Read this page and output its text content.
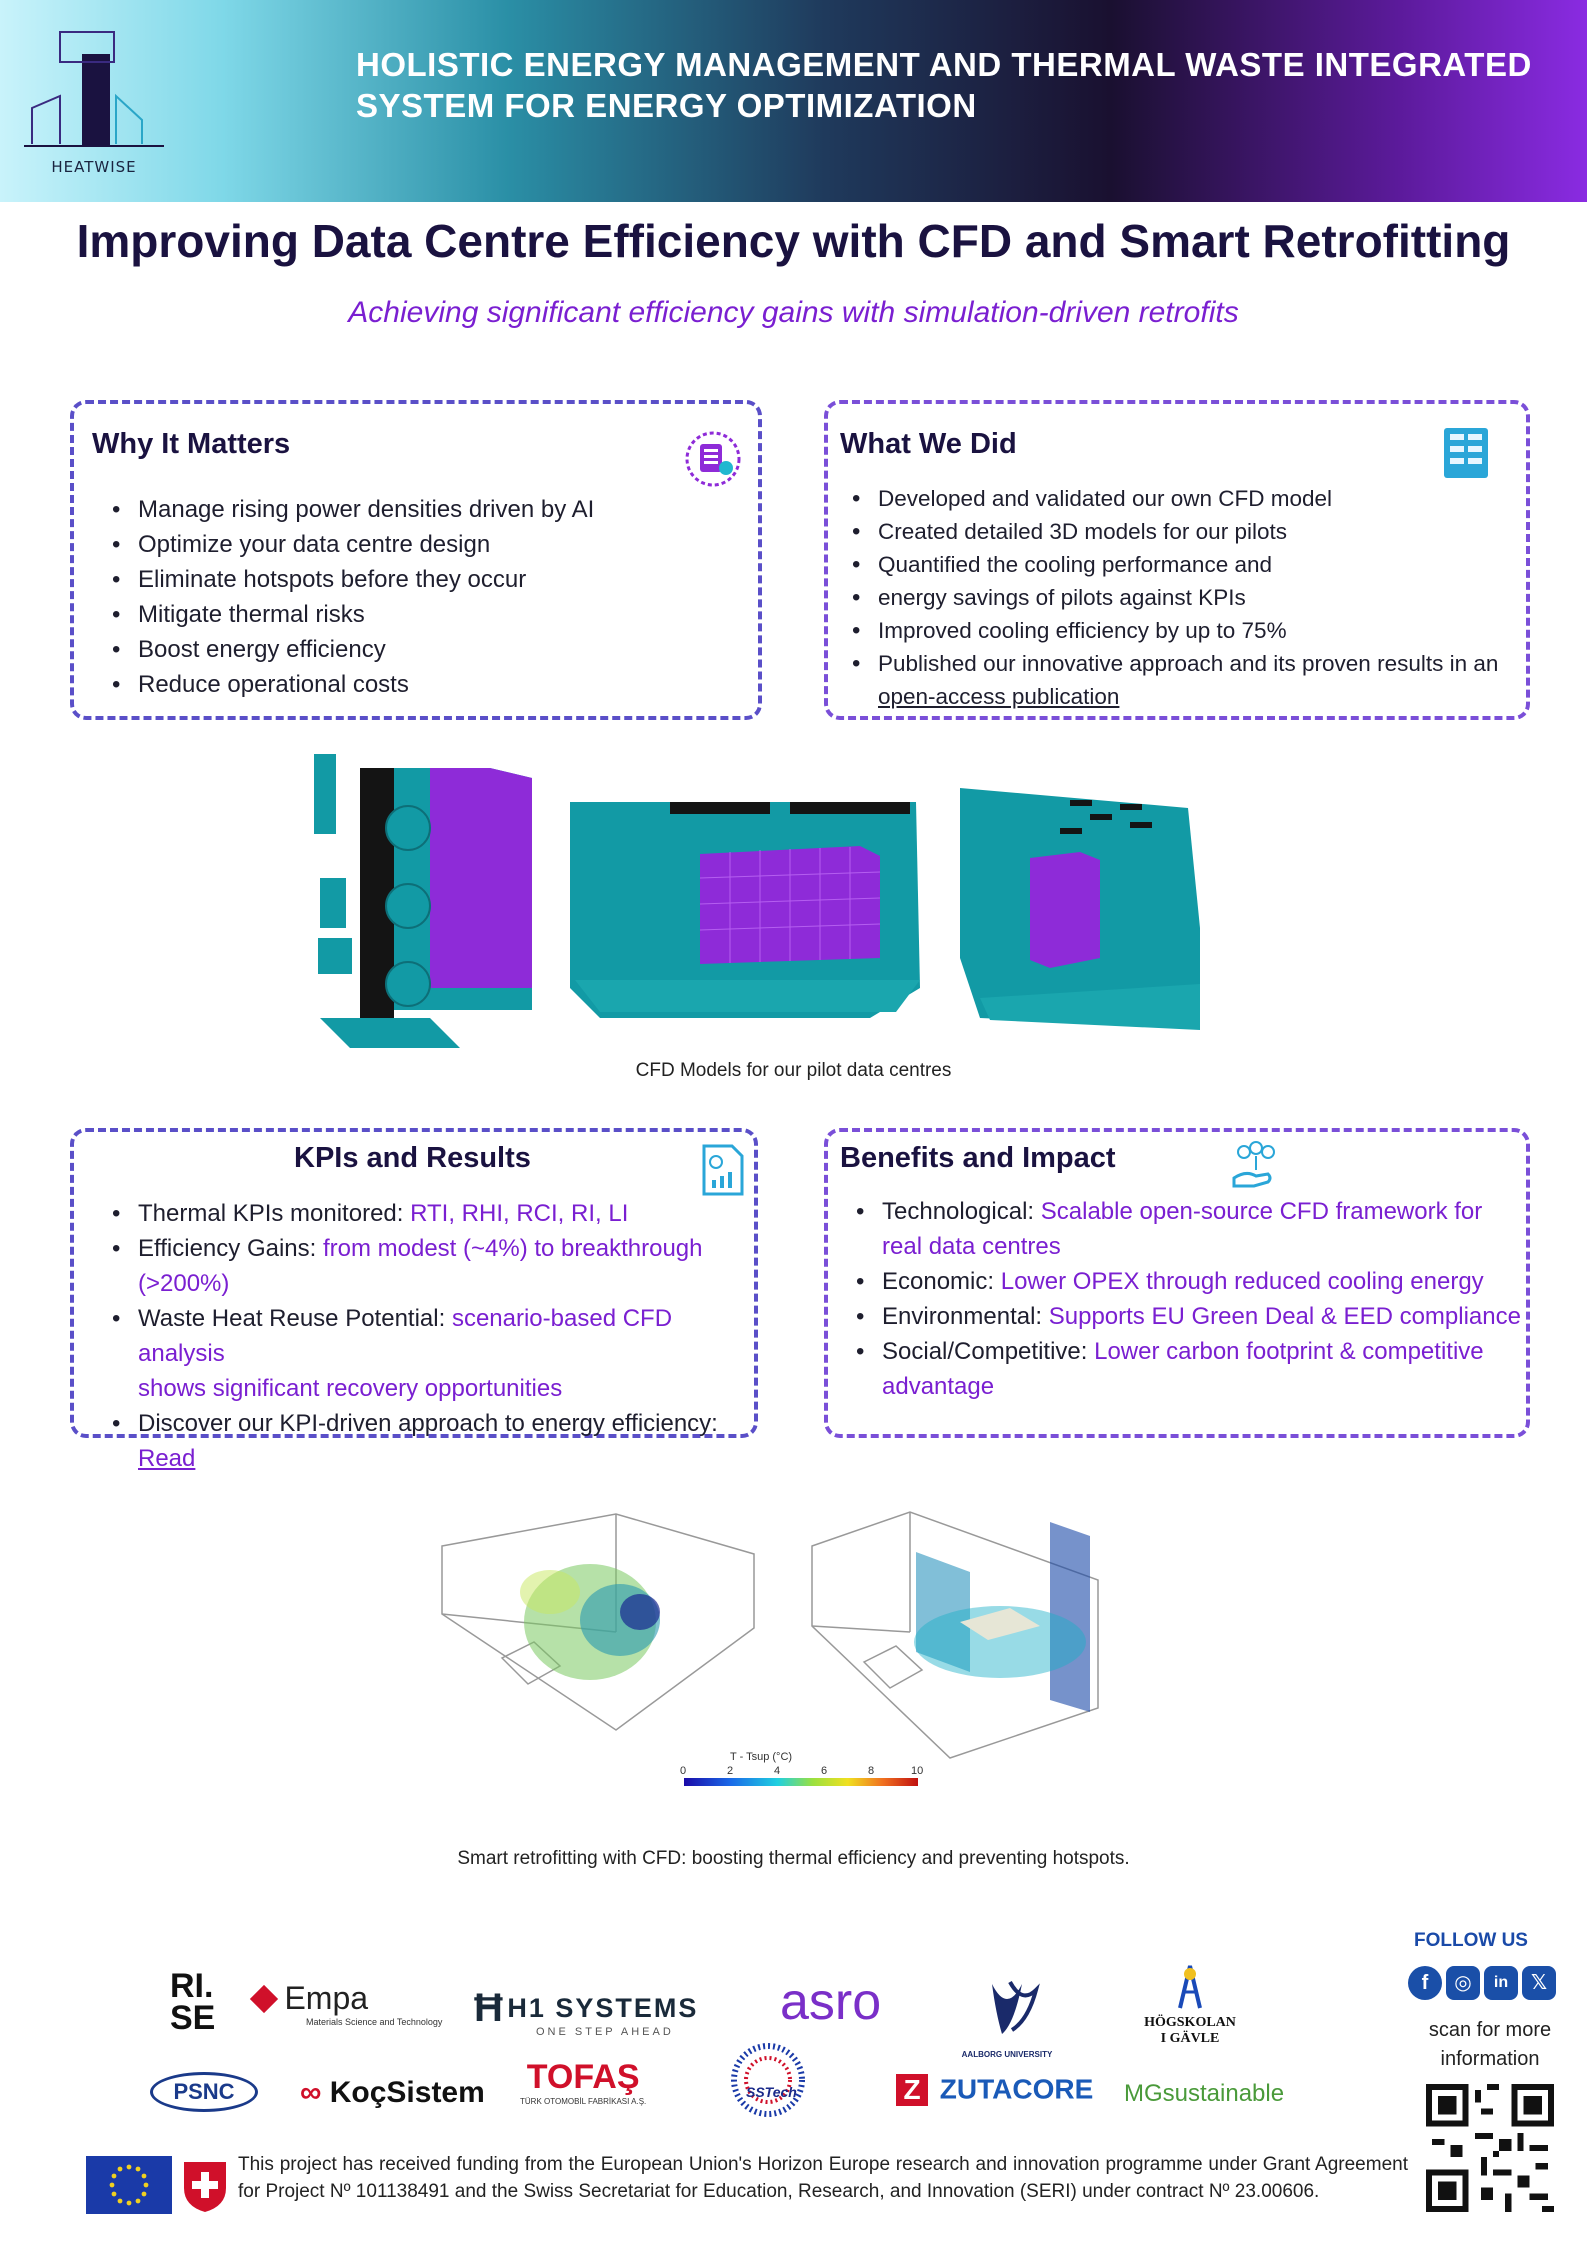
HEATWISE
HOLISTIC ENERGY MANAGEMENT AND THERMAL WASTE INTEGRATED
SYSTEM FOR ENERGY OPTIMIZATION
Improving Data Centre Efficiency with CFD and Smart Retrofitting
Achieving significant efficiency gains with simulation-driven retrofits
Why It Matters
• Manage rising power densities driven by AI
• Optimize your data centre design
• Eliminate hotspots before they occur
• Mitigate thermal risks
• Boost energy efficiency
• Reduce operational costs
What We Did
• Developed and validated our own CFD model
• Created detailed 3D models for our pilots
• Quantified the cooling performance and
• energy savings of pilots against KPIs
• Improved cooling efficiency by up to 75%
• Published our innovative approach and its proven results in an
open-access publication
CFD Models for our pilot data centres
KPIs and Results
• Thermal KPIs monitored: RTI, RHI, RCI, RI, LI
• Efficiency Gains: from modest (~4%) to breakthrough
(>200%)
• Waste Heat Reuse Potential: scenario-based CFD analysis
shows significant recovery opportunities
• Discover our KPI-driven approach to energy efficiency: Read
Benefits and Impact
• Technological: Scalable open-source CFD framework for
real data centres
• Economic: Lower OPEX through reduced cooling energy
• Environmental: Supports EU Green Deal & EED compliance
• Social/Competitive: Lower carbon footprint & competitive
advantage
T - Tsup (°C)
0	2	4	6	8	10
Smart retrofitting with CFD: boosting thermal efficiency and preventing hotspots.
RI.
SE
Empa
Materials Science and Technology Ħ H1 SYSTEMS
ONE STEP AHEAD
asro
AALBORG UNIVERSITY
HÖGSKOLAN
I GÄVLE
PSNC	∞ KoçSistem TOFAŞ
TÜRK OTOMOBİL FABRİKASI A.Ş.
SSTech	Z ZUTACORE MGsustainable
FOLLOW US
f	◎	in	𝕏
scan for more information
This project has received funding from the European Union's Horizon Europe research and innovation programme under Grant Agreement for Project Nº 101138491 and the Swiss Secretariat for Education, Research, and Innovation (SERI) under contract Nº 23.00606.
